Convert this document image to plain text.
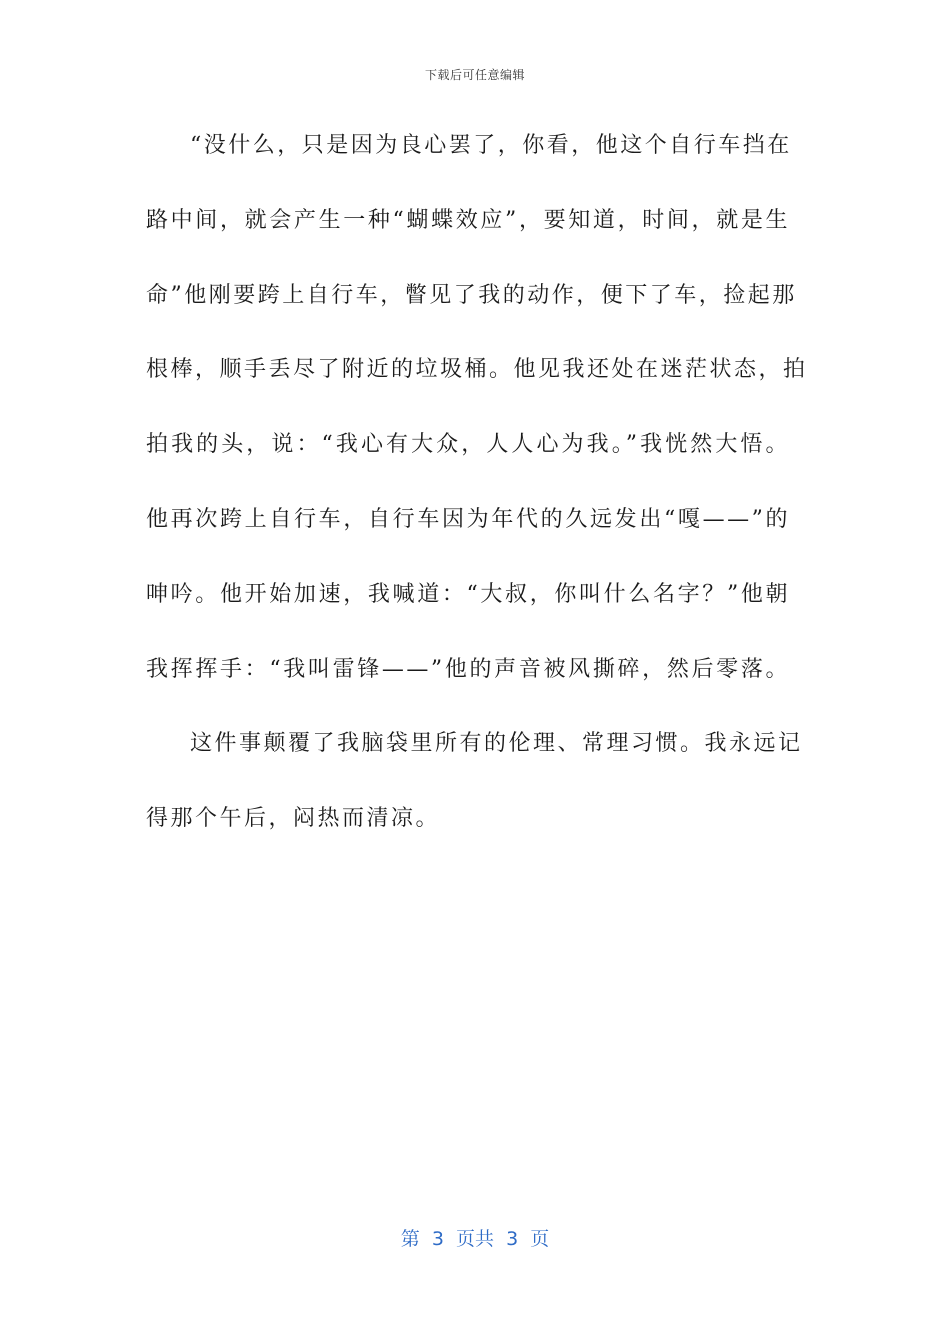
下载后可任意编辑
“没什么，只是因为良心罢了，你看，他这个自行车挡在
路中间，就会产生一种“蝴蝶效应”，要知道，时间，就是生
命”他刚要跨上自行车，瞥见了我的动作，便下了车，捡起那
根棒，顺手丢尽了附近的垃圾桶。他见我还处在迷茫状态，拍
拍我的头，说：“我心有大众，人人心为我。”我恍然大悟。
他再次跨上自行车，自行车因为年代的久远发出“嘎——”的
呻吟。他开始加速，我喊道：“大叔，你叫什么名字？”他朝
我挥挥手：“我叫雷锋——”他的声音被风撕碎，然后零落。
这件事颠覆了我脑袋里所有的伦理、常理习惯。我永远记
得那个午后，闷热而清凉。
第  3  页共  3  页
